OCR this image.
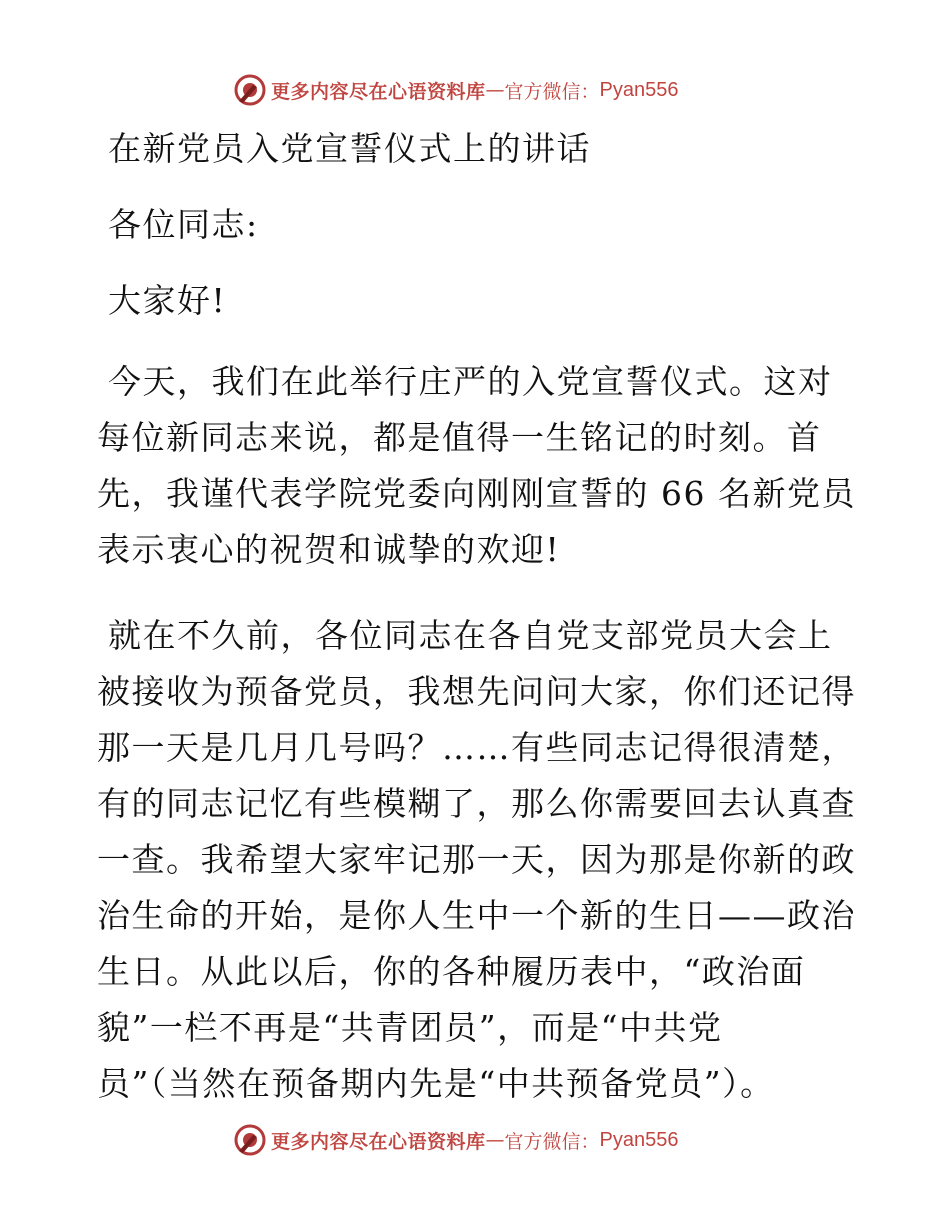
更多内容尽在心语资料库 — 官方微信： Pyan556

在新党员入党宣誓仪式上的讲话

各位同志:

大家好!

今天，我们在此举行庄严的入党宣誓仪式。这对

每位新同志来说，都是值得一生铭记的时刻。首

先，我谨代表学院党委向刚刚宣誓的 66 名新党员

表示衷心的祝贺和诚挚的欢迎!

就在不久前，各位同志在各自党支部党员大会上

被接收为预备党员，我想先问问大家，你们还记得

那一天是几月几号吗？……有些同志记得很清楚，

有的同志记忆有些模糊了，那么你需要回去认真查

一查。我希望大家牢记那一天，因为那是你新的政

治生命的开始，是你人生中一个新的生日——政治

生日。从此以后，你的各种履历表中，“政治面

貌”一栏不再是“共青团员”，而是“中共党

员”（当然在预备期内先是“中共预备党员”）。

更多内容尽在心语资料库 — 官方微信： Pyan556
